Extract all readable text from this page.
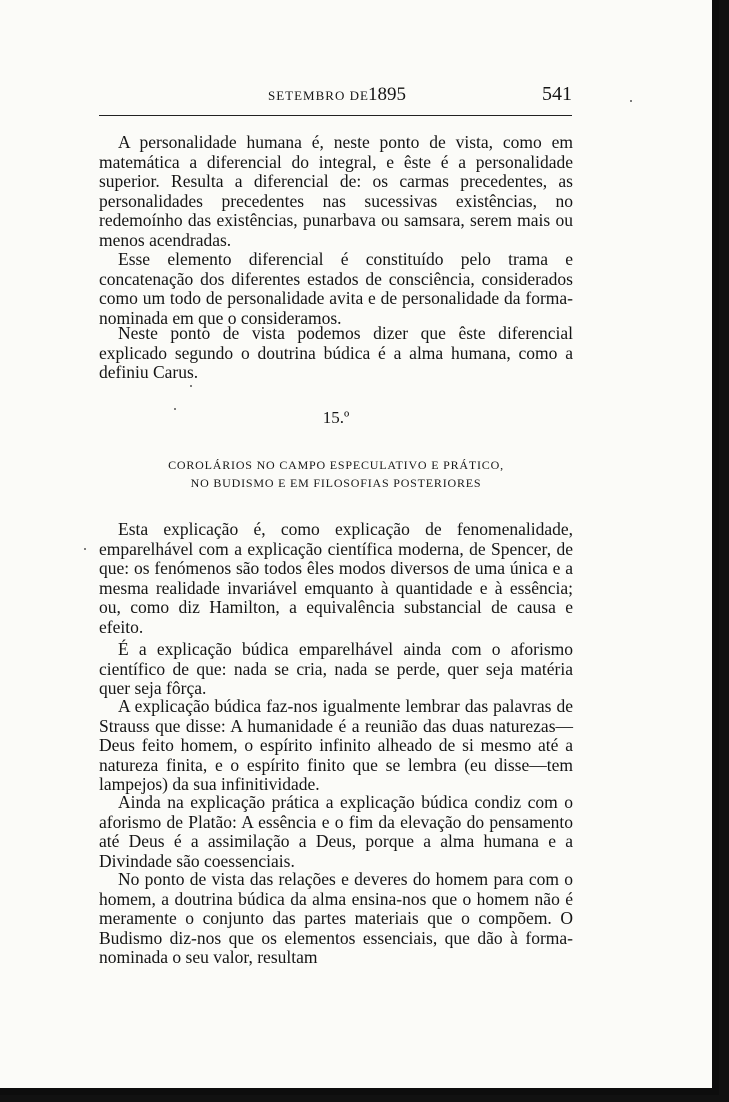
SETEMBRO DE 1895	541

A personalidade humana é, neste ponto de vista, como em matemática a diferencial do integral, e êste é a personalidade superior. Resulta a diferencial de: os carmas precedentes, as personalidades precedentes nas sucessivas existências, no redemoínho das existências, punarbava ou samsara, serem mais ou menos acendradas.

Esse elemento diferencial é constituído pelo trama e concatenação dos diferentes estados de consciência, considerados como um todo de personalidade avita e de personalidade da forma-nominada em que o consideramos.

Neste ponto de vista podemos dizer que êste diferencial explicado segundo o doutrina búdica é a alma humana, como a definiu Carus.

15.º
COROLÁRIOS NO CAMPO ESPECULATIVO E PRÁTICO,
NO BUDISMO E EM FILOSOFIAS POSTERIORES

Esta explicação é, como explicação de fenomenalidade, emparelhável com a explicação científica moderna, de Spencer, de que: os fenómenos são todos êles modos diversos de uma única e a mesma realidade invariável emquanto à quantidade e à essência; ou, como diz Hamilton, a equivalência substancial de causa e efeito.

É a explicação búdica emparelhável ainda com o aforismo científico de que: nada se cria, nada se perde, quer seja matéria quer seja fôrça.

A explicação búdica faz-nos igualmente lembrar das palavras de Strauss que disse: A humanidade é a reunião das duas naturezas—Deus feito homem, o espírito infinito alheado de si mesmo até a natureza finita, e o espírito finito que se lembra (eu disse—tem lampejos) da sua infinitividade.

Ainda na explicação prática a explicação búdica condiz com o aforismo de Platão: A essência e o fim da elevação do pensamento até Deus é a assimilação a Deus, porque a alma humana e a Divindade são coessenciais.

No ponto de vista das relações e deveres do homem para com o homem, a doutrina búdica da alma ensina-nos que o homem não é meramente o conjunto das partes materiais que o compõem. O Budismo diz-nos que os elementos essenciais, que dão à forma-nominada o seu valor, resultam
